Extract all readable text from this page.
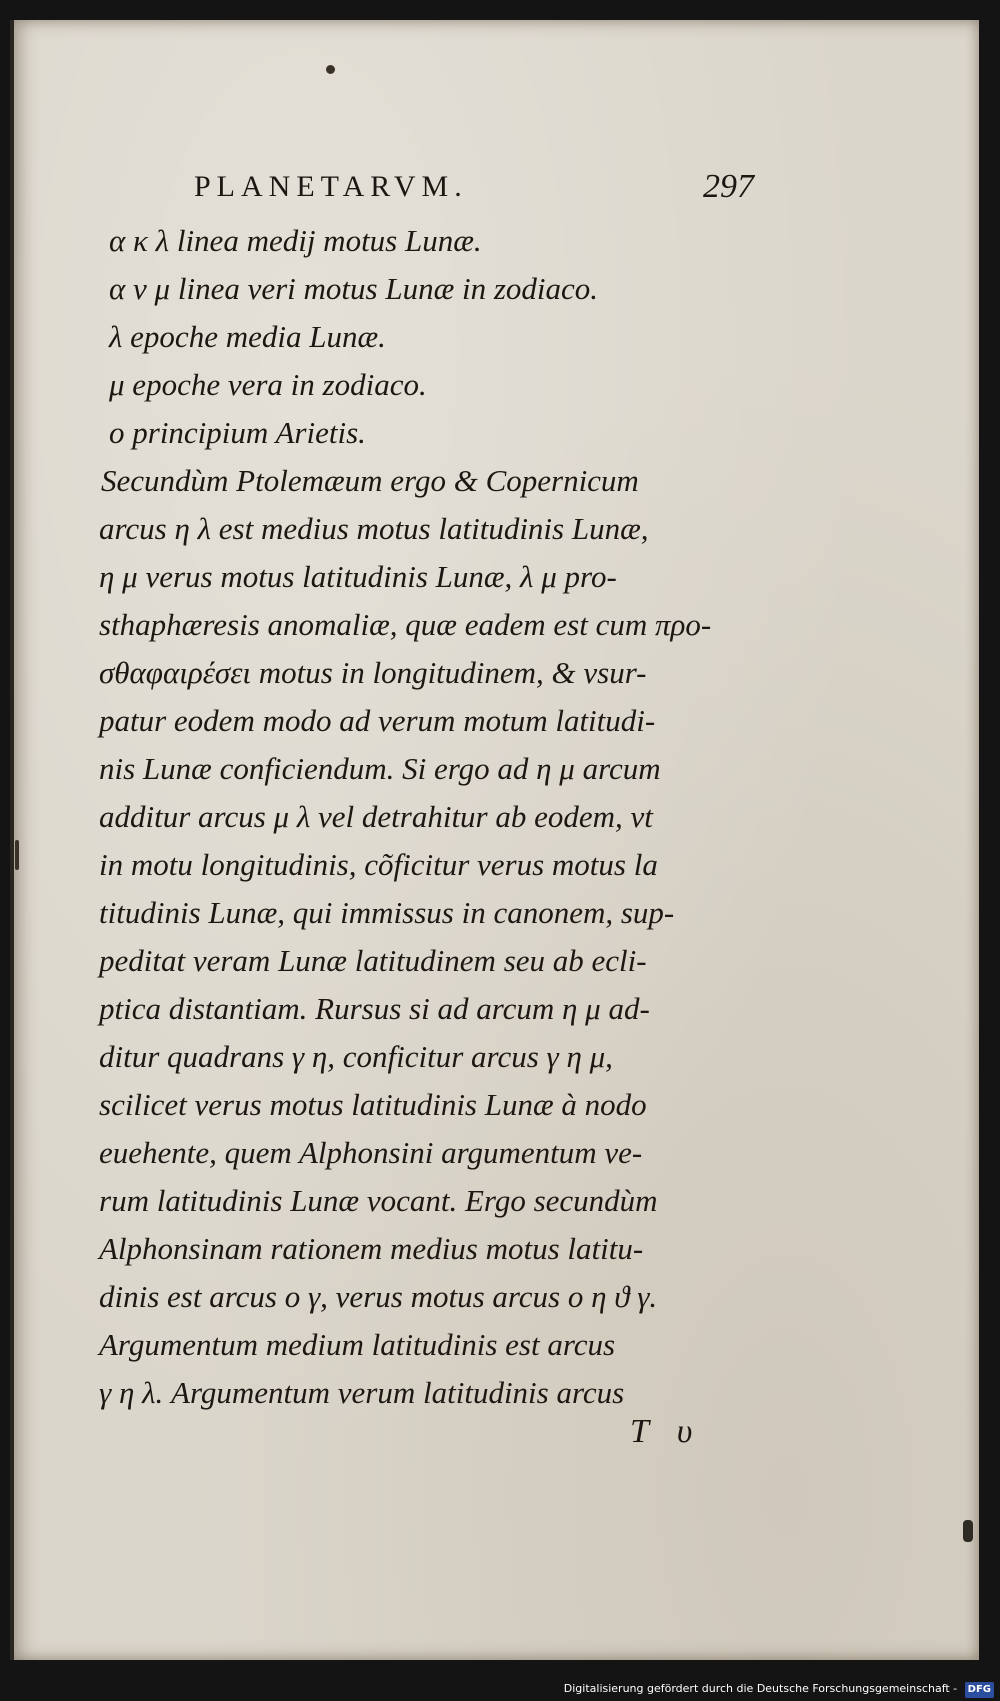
PLANETARVM.	297
α κ λ linea medij motus Lunæ.
α ν μ linea veri motus Lunæ in zodiaco.
λ epoche media Lunæ.
μ epoche vera in zodiaco.
o principium Arietis.
Secundùm Ptolemæum ergo & Copernicum
arcus η λ est medius motus latitudinis Lunæ,
η μ verus motus latitudinis Lunæ, λ μ pro-
sthaphæresis anomaliæ, quæ eadem est cum προ-
σθαφαιρέσει motus in longitudinem, & vsur-
patur eodem modo ad verum motum latitudi-
nis Lunæ conficiendum. Si ergo ad η μ arcum
additur arcus μ λ vel detrahitur ab eodem, vt
in motu longitudinis, cõficitur verus motus la
titudinis Lunæ, qui immissus in canonem, sup-
peditat veram Lunæ latitudinem seu ab ecli-
ptica distantiam. Rursus si ad arcum η μ ad-
ditur quadrans γ η, conficitur arcus γ η μ,
scilicet verus motus latitudinis Lunæ à nodo
euehente, quem Alphonsini argumentum ve-
rum latitudinis Lunæ vocant. Ergo secundùm
Alphonsinam rationem medius motus latitu-
dinis est arcus o γ, verus motus arcus o η ϑ γ.
Argumentum medium latitudinis est arcus
γ η λ. Argumentum verum latitudinis arcus
T υ
Digitalisierung gefördert durch die Deutsche Forschungsgemeinschaft - DFG
